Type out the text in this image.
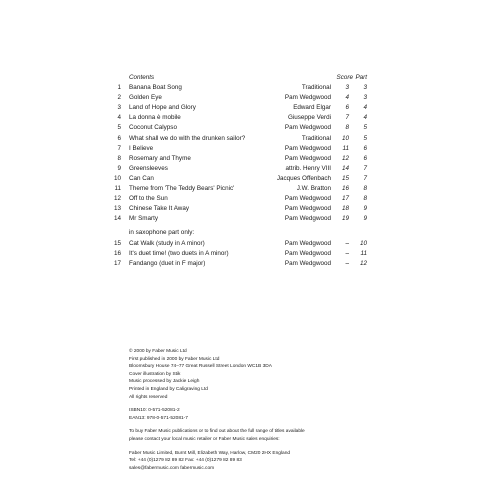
Contents	Score Part
1 Banana Boat Song	Traditional	3	3
2 Golden Eye	Pam Wedgwood	4	3
3 Land of Hope and Glory	Edward Elgar	6	4
4 La donna è mobile	Giuseppe Verdi	7	4
5 Coconut Calypso	Pam Wedgwood	8	5
6 What shall we do with the drunken sailor?	Traditional	10	5
7 I Believe	Pam Wedgwood	11	6
8 Rosemary and Thyme	Pam Wedgwood	12	6
9 Greensleeves	attrib. Henry VIII	14	7
10 Can Can	Jacques Offenbach	15	7
11 Theme from 'The Teddy Bears' Picnic'	J.W. Bratton	16	8
12 Off to the Sun	Pam Wedgwood	17	8
13 Chinese Take It Away	Pam Wedgwood	18	9
14 Mr Smarty	Pam Wedgwood	19	9
in saxophone part only:
15 Cat Walk (study in A minor)	Pam Wedgwood	–	10
16 It's duet time! (two duets in A minor)	Pam Wedgwood	–	11
17 Fandango (duet in F major)	Pam Wedgwood	–	12
© 2000 by Faber Music Ltd
First published in 2000 by Faber Music Ltd
Bloomsbury House 74–77 Great Russell Street London WC1B 3DA
Cover illustration by Stik
Music processed by Jackie Leigh
Printed in England by Caligraving Ltd
All rights reserved
ISBN10: 0-571-52081-2
EAN13: 978-0-571-52081-7
To buy Faber Music publications or to find out about the full range of titles available
please contact your local music retailer or Faber Music sales enquiries:
Faber Music Limited, Burnt Mill, Elizabeth Way, Harlow, CM20 2HX England
Tel: +44 (0)1279 82 89 82 Fax: +44 (0)1279 82 89 83
sales@fabermusic.com fabermusic.com
